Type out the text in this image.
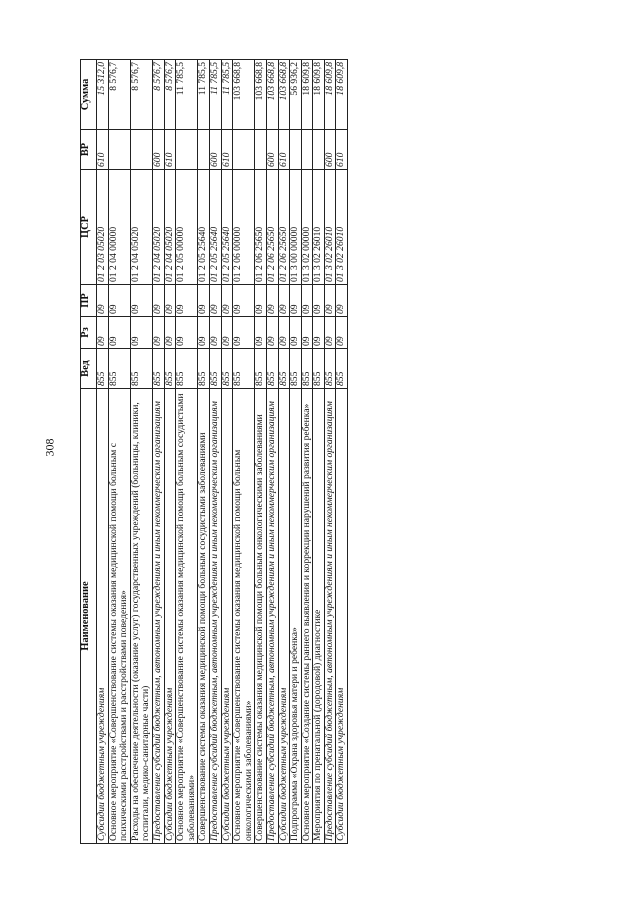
308
Наименование	Вед	Рз	ПР	ЦСР	ВР	Сумма
Субсидии бюджетным учреждениям	855	09	09	01 2 03 05020	610	15 312,0
Основное мероприятие «Совершенствование системы оказания медицинской помощи больным с психическими расстройствами и расстройствами поведения»	855	09	09	01 2 04 00000		8 576,7
Расходы на обеспечение деятельности (оказание услуг) государственных учреждений (больницы, клиники, госпитали, медико-санитарные части)	855	09	09	01 2 04 05020		8 576,7
Предоставление субсидий бюджетным, автономным учреждениям и иным некоммерческим организациям	855	09	09	01 2 04 05020	600	8 576,7
Субсидии бюджетным учреждениям	855	09	09	01 2 04 05020	610	8 576,7
Основное мероприятие «Совершенствование системы оказания медицинской помощи больным сосудистыми заболеваниями»	855	09	09	01 2 05 00000		11 785,5
Совершенствование системы оказания медицинской помощи больным сосудистыми заболеваниями	855	09	09	01 2 05 25640		11 785,5
Предоставление субсидий бюджетным, автономным учреждениям и иным некоммерческим организациям	855	09	09	01 2 05 25640	600	11 785,5
Субсидии бюджетным учреждениям	855	09	09	01 2 05 25640	610	11 785,5
Основное мероприятие «Совершенствование системы оказания медицинской помощи больным онкологическими заболеваниями»	855	09	09	01 2 06 00000		103 668,8
Совершенствование системы оказания медицинской помощи больным онкологическими заболеваниями	855	09	09	01 2 06 25650		103 668,8
Предоставление субсидий бюджетным, автономным учреждениям и иным некоммерческим организациям	855	09	09	01 2 06 25650	600	103 668,8
Субсидии бюджетным учреждениям	855	09	09	01 2 06 25650	610	103 668,8
Подпрограмма «Охрана здоровья матери и ребенка»	855	09	09	01 3 00 00000		56 936,2
Основное мероприятие «Создание системы раннего выявления и коррекции нарушений развития ребенка»	855	09	09	01 3 02 00000		18 609,8
Мероприятия по пренатальной (дородовой) диагностике	855	09	09	01 3 02 26010		18 609,8
Предоставление субсидий бюджетным, автономным учреждениям и иным некоммерческим организациям	855	09	09	01 3 02 26010	600	18 609,8
Субсидии бюджетным учреждениям	855	09	09	01 3 02 26010	610	18 609,8
